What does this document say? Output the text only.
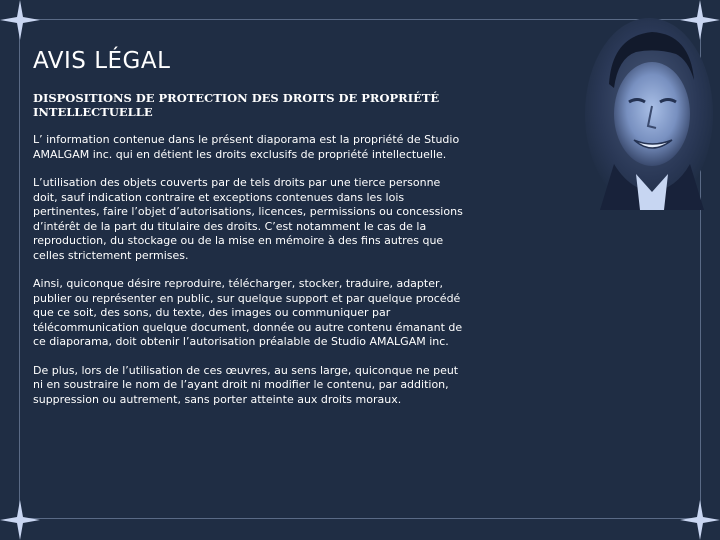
AVIS LÉGAL
DISPOSITIONS DE PROTECTION DES DROITS DE PROPRIÉTÉ INTELLECTUELLE

L’ information contenue dans le présent diaporama est la propriété de Studio AMALGAM inc. qui en détient les droits exclusifs de propriété intellectuelle.

L’utilisation des objets couverts par de tels droits par une tierce personne doit, sauf indication contraire et exceptions contenues dans les lois pertinentes, faire l’objet d’autorisations, licences, permissions ou concessions d’intérêt de la part du titulaire des droits. C’est notamment le cas de la reproduction, du stockage ou de la mise en mémoire à des fins autres que celles strictement permises.

Ainsi, quiconque désire reproduire, télécharger, stocker, traduire, adapter, publier ou représenter en public, sur quelque support et par quelque procédé que ce soit, des sons, du texte, des images ou communiquer par télécommunication quelque document, donnée ou autre contenu émanant de ce diaporama, doit obtenir l’autorisation préalable de Studio AMALGAM inc.

De plus, lors de l’utilisation de ces œuvres, au sens large, quiconque ne peut ni en soustraire le nom de l’ayant droit ni modifier le contenu, par addition, suppression ou autrement, sans porter atteinte aux droits moraux.
